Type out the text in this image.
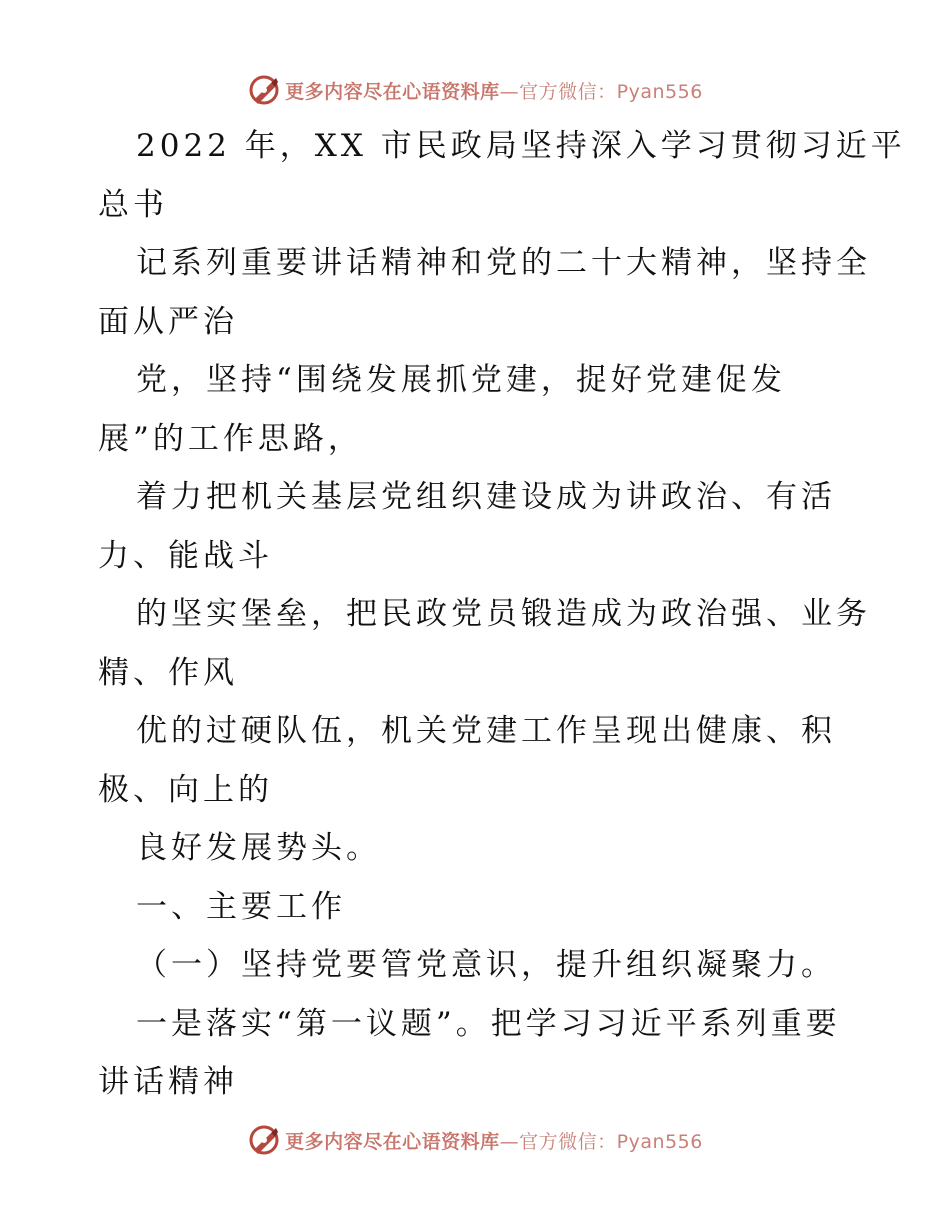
更多内容尽在心语资料库—官方微信：Pyan556
2022 年，XX 市民政局坚持深入学习贯彻习近平
总书
记系列重要讲话精神和党的二十大精神，坚持全
面从严治
党，坚持“围绕发展抓党建，捉好党建促发
展”的工作思路，
着力把机关基层党组织建设成为讲政治、有活
力、能战斗
的坚实堡垒，把民政党员锻造成为政治强、业务
精、作风
优的过硬队伍，机关党建工作呈现出健康、积
极、向上的
良好发展势头。
一、主要工作
（一）坚持党要管党意识，提升组织凝聚力。
一是落实“第一议题”。把学习习近平系列重要
讲话精神
更多内容尽在心语资料库—官方微信：Pyan556
